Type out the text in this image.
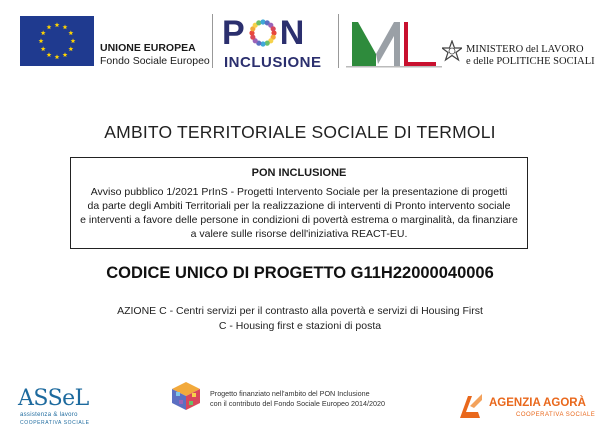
UNIONE EUROPEA
Fondo Sociale Europeo
P N
INCLUSIONE
MINISTERO del LAVORO
e delle POLITICHE SOCIALI
AMBITO TERRITORIALE SOCIALE DI TERMOLI
PON INCLUSIONE
Avviso pubblico 1/2021 PrInS - Progetti Intervento Sociale per la presentazione di progetti
da parte degli Ambiti Territoriali per la realizzazione di interventi di Pronto intervento sociale
e interventi a favore delle persone in condizioni di povertà estrema o marginalità, da finanziare
a valere sulle risorse dell'iniziativa REACT-EU.
CODICE UNICO DI PROGETTO G11H22000040006
AZIONE C - Centri servizi per il contrasto alla povertà e servizi di Housing First
C - Housing first e stazioni di posta
ASSeL
assistenza & lavoro
COOPERATIVA SOCIALE
Progetto finanziato nell'ambito del PON Inclusione
con il contributo del Fondo Sociale Europeo 2014/2020	AGENZIA AGORÀ
COOPERATIVA SOCIALE
